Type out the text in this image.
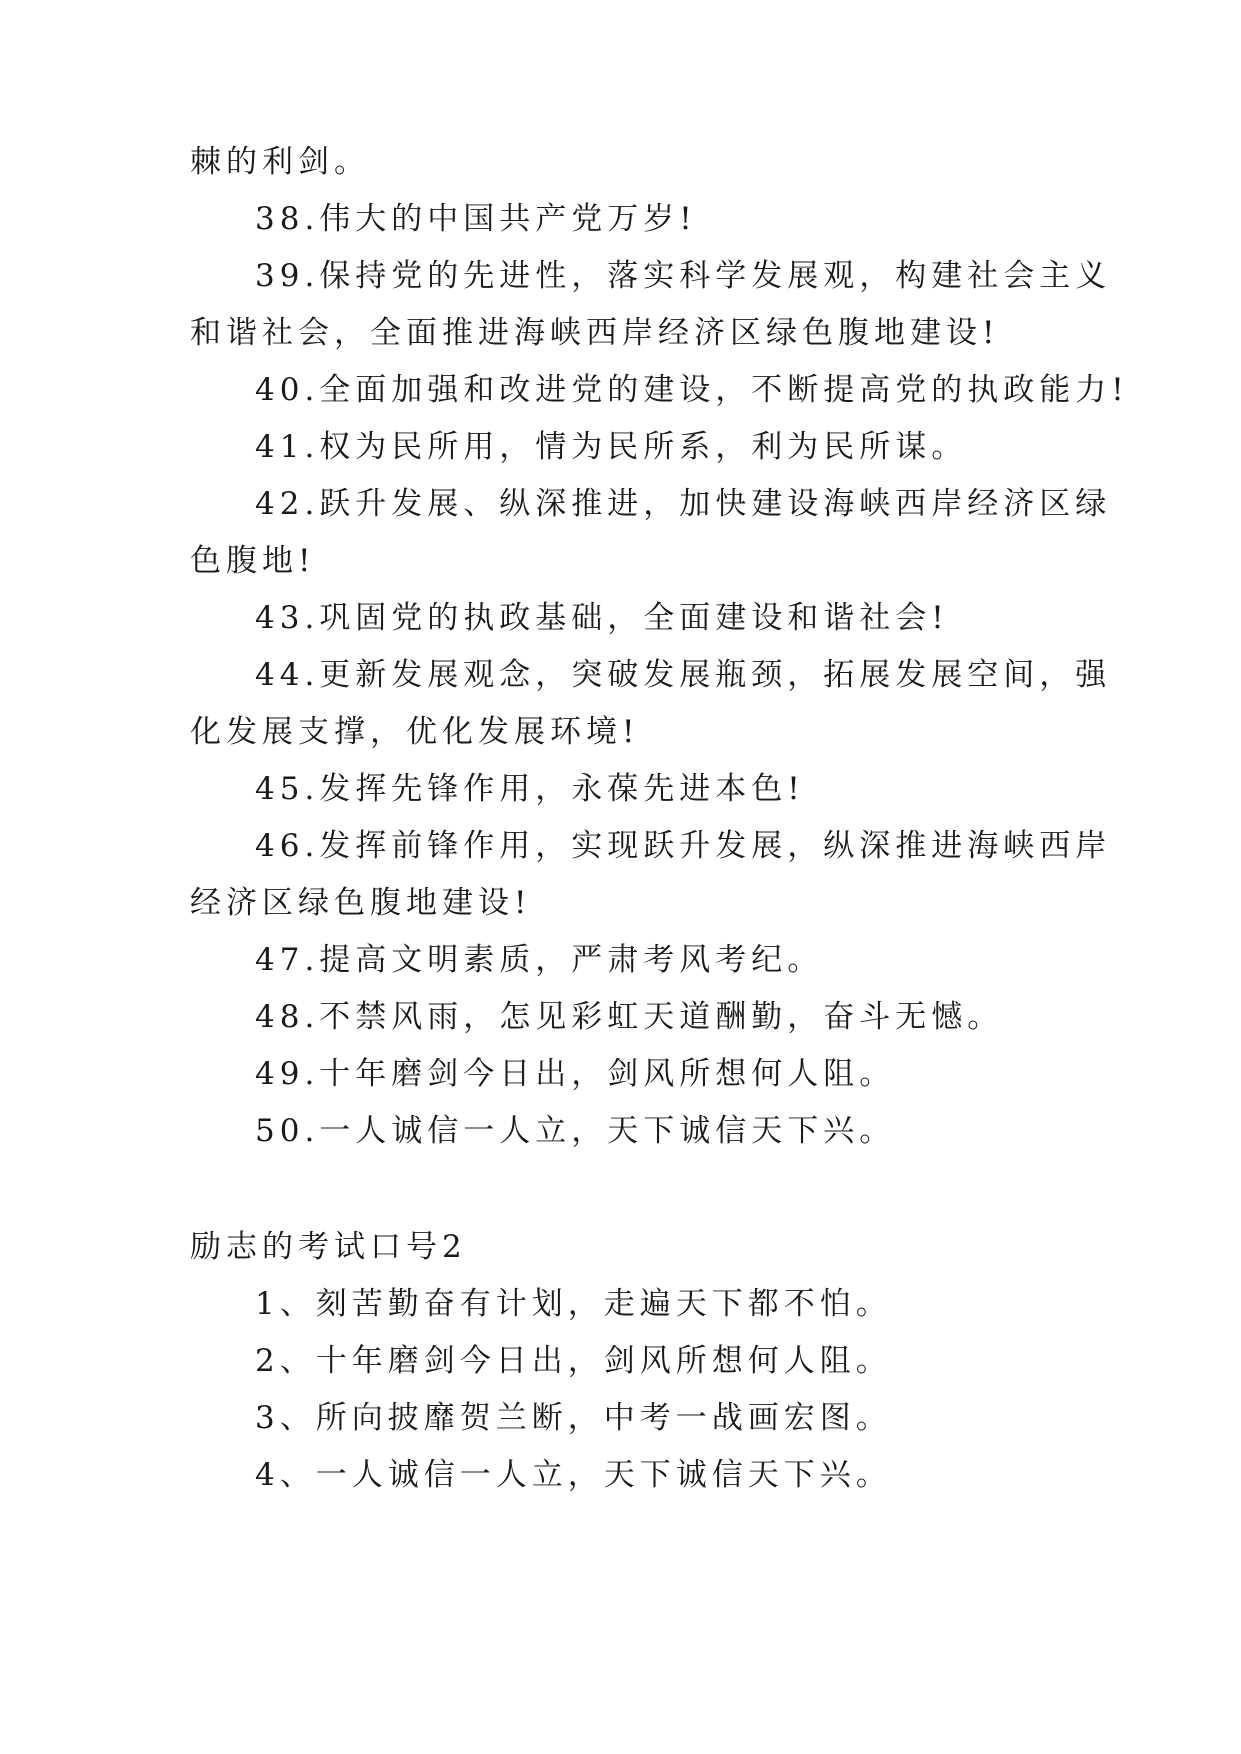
棘的利剑。
38.伟大的中国共产党万岁!
39.保持党的先进性，落实科学发展观，构建社会主义
和谐社会，全面推进海峡西岸经济区绿色腹地建设!
40.全面加强和改进党的建设，不断提高党的执政能力!
41.权为民所用，情为民所系，利为民所谋。
42.跃升发展、纵深推进，加快建设海峡西岸经济区绿
色腹地!
43.巩固党的执政基础，全面建设和谐社会!
44.更新发展观念，突破发展瓶颈，拓展发展空间，强
化发展支撑，优化发展环境!
45.发挥先锋作用，永葆先进本色!
46.发挥前锋作用，实现跃升发展，纵深推进海峡西岸
经济区绿色腹地建设!
47.提高文明素质，严肃考风考纪。
48.不禁风雨，怎见彩虹天道酬勤，奋斗无憾。
49.十年磨剑今日出，剑风所想何人阻。
50.一人诚信一人立，天下诚信天下兴。
励志的考试口号2
1、刻苦勤奋有计划，走遍天下都不怕。
2、十年磨剑今日出，剑风所想何人阻。
3、所向披靡贺兰断，中考一战画宏图。
4、一人诚信一人立，天下诚信天下兴。
